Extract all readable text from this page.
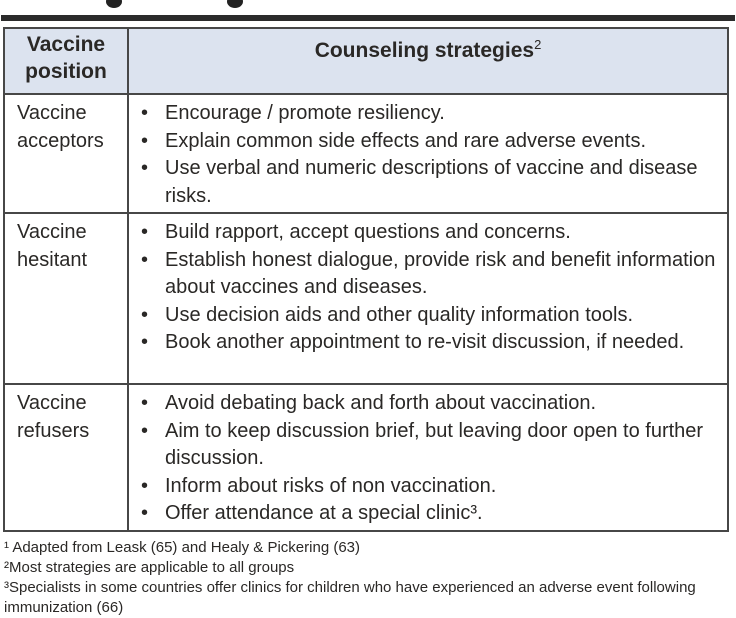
Vaccine position	Counseling strategies$^2$
Vaccine acceptors	
• Encourage / promote resiliency.
• Explain common side effects and rare adverse events.
• Use verbal and numeric descriptions of vaccine and disease risks.

Vaccine hesitant	
• Build rapport, accept questions and concerns.
• Establish honest dialogue, provide risk and benefit information about vaccines and diseases.
• Use decision aids and other quality information tools.
• Book another appointment to re-visit discussion, if needed.

Vaccine refusers	
• Avoid debating back and forth about vaccination.
• Aim to keep discussion brief, but leaving door open to further discussion.
• Inform about risks of non vaccination.
• Offer attendance at a special clinic³.
¹ Adapted from Leask (65) and Healy & Pickering (63)
²Most strategies are applicable to all groups
³Specialists in some countries offer clinics for children who have experienced an adverse event following immunization (66)
